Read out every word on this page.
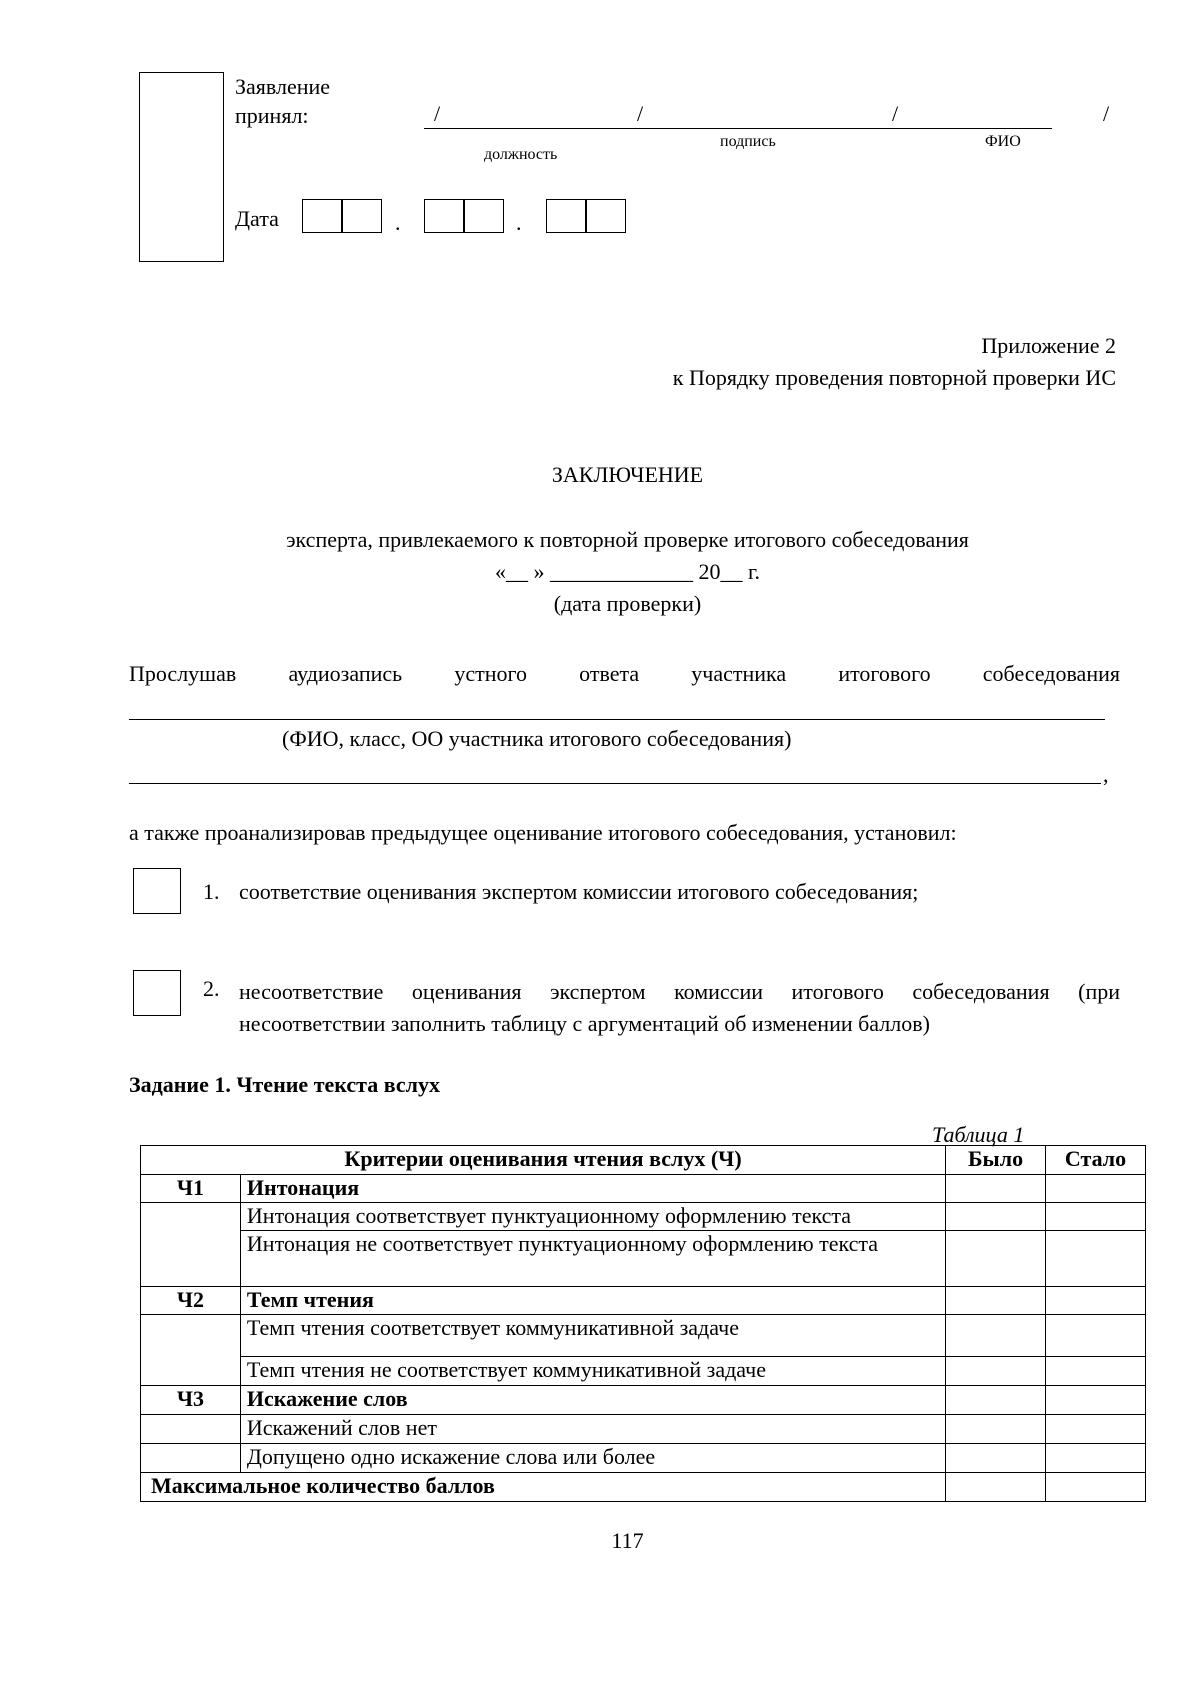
Заявление
принял:	/	/	/	/
должность
подпись	ФИО
Дата	.	.
Приложение 2
к Порядку проведения повторной проверки ИС
ЗАКЛЮЧЕНИЕ
эксперта, привлекаемого к повторной проверке итогового собеседования
«__ » _____________ 20__ г.
(дата проверки)
Прослушав аудиозапись устного ответа участника итогового собеседования
(ФИО, класс, ОО участника итогового собеседования)
,
а также проанализировав предыдущее оценивание итогового собеседования, установил:
1. соответствие оценивания экспертом комиссии итогового собеседования;
2. несоответствие оценивания экспертом комиссии итогового собеседования (при несоответствии заполнить таблицу с аргументаций об изменении баллов)
Задание 1. Чтение текста вслух
Таблица 1
Критерии оценивания чтения вслух (Ч)		Было	Стало
Ч1	Интонация		
	Интонация соответствует пунктуационному оформлению текста		
	Интонация не соответствует пунктуационному оформлению текста		
Ч2	Темп чтения		
	Темп чтения соответствует коммуникативной задаче		
	Темп чтения не соответствует коммуникативной задаче		
Ч3	Искажение слов		
	Искажений слов нет		
	Допущено одно искажение слова или более		
Максимальное количество баллов			
117
